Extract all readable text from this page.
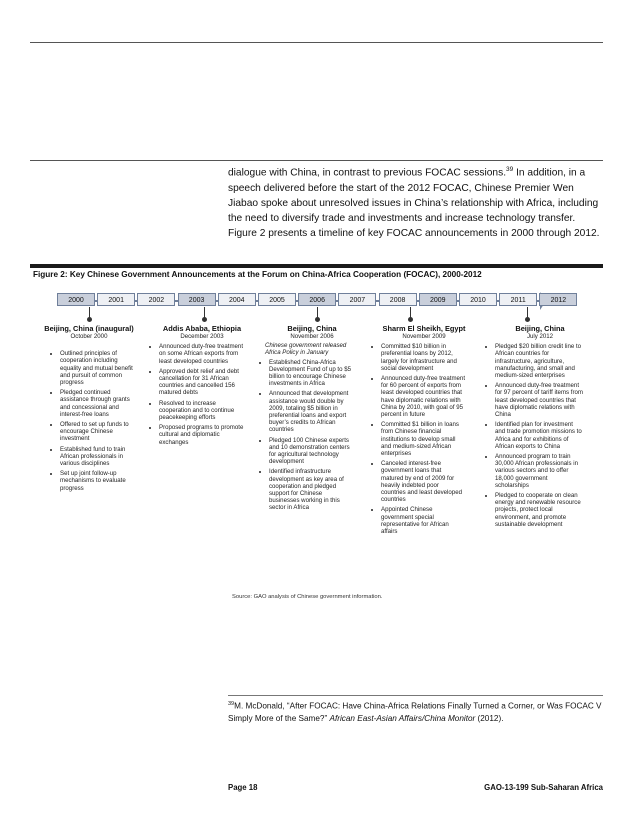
dialogue with China, in contrast to previous FOCAC sessions.$^{39}$ In addition, in a speech delivered before the start of the 2012 FOCAC, Chinese Premier Wen Jiabao spoke about unresolved issues in China’s relationship with Africa, including the need to diversify trade and investments and increase technology transfer. Figure 2 presents a timeline of key FOCAC announcements in 2000 through 2012.
Figure 2: Key Chinese Government Announcements at the Forum on China-Africa Cooperation (FOCAC), 2000-2012
2000	2001	2002	2003	2004	2005	2006	2007	2008	2009	2010	2011	2012
Beijing, China (inaugural)
October 2000
• Outlined principles of cooperation including equality and mutual benefit and pursuit of common progress
• Pledged continued assistance through grants and concessional and interest-free loans
• Offered to set up funds to encourage Chinese investment
• Established fund to train African professionals in various disciplines
• Set up joint follow-up mechanisms to evaluate progress
Addis Ababa, Ethiopia
December 2003
• Announced duty-free treatment on some African exports from least developed countries
• Approved debt relief and debt cancellation for 31 African countries and cancelled 156 matured debts
• Resolved to increase cooperation and to continue peacekeeping efforts
• Proposed programs to promote cultural and diplomatic exchanges
Beijing, China
November 2006
Chinese government released Africa Policy in January
• Established China-Africa Development Fund of up to $5 billion to encourage Chinese investments in Africa
• Announced that development assistance would double by 2009, totaling $5 billion in preferential loans and export buyer’s credits to African countries
• Pledged 100 Chinese experts and 10 demonstration centers for agricultural technology development
• Identified infrastructure development as key area of cooperation and pledged support for Chinese businesses working in this sector in Africa
Sharm El Sheikh, Egypt
November 2009
• Committed $10 billion in preferential loans by 2012, largely for infrastructure and social development
• Announced duty-free treatment for 60 percent of exports from least developed countries that have diplomatic relations with China by 2010, with goal of 95 percent in future
• Committed $1 billion in loans from Chinese financial institutions to develop small and medium-sized African enterprises
• Canceled interest-free government loans that matured by end of 2009 for heavily indebted poor countries and least developed countries
• Appointed Chinese government special representative for African affairs
Beijing, China
July 2012
• Pledged $20 billion credit line to African countries for infrastructure, agriculture, manufacturing, and small and medium-sized enterprises
• Announced duty-free treatment for 97 percent of tariff items from least developed countries that have diplomatic relations with China
• Identified plan for investment and trade promotion missions to Africa and for exhibitions of African exports to China
• Announced program to train 30,000 African professionals in various sectors and to offer 18,000 government scholarships
• Pledged to cooperate on clean energy and renewable resource projects, protect local environment, and promote sustainable development
Source: GAO analysis of Chinese government information.
$^{39}$M. McDonald, “After FOCAC: Have China-Africa Relations Finally Turned a Corner, or Was FOCAC V Simply More of the Same?” African East-Asian Affairs/China Monitor (2012).
Page 18	GAO-13-199 Sub-Saharan Africa
